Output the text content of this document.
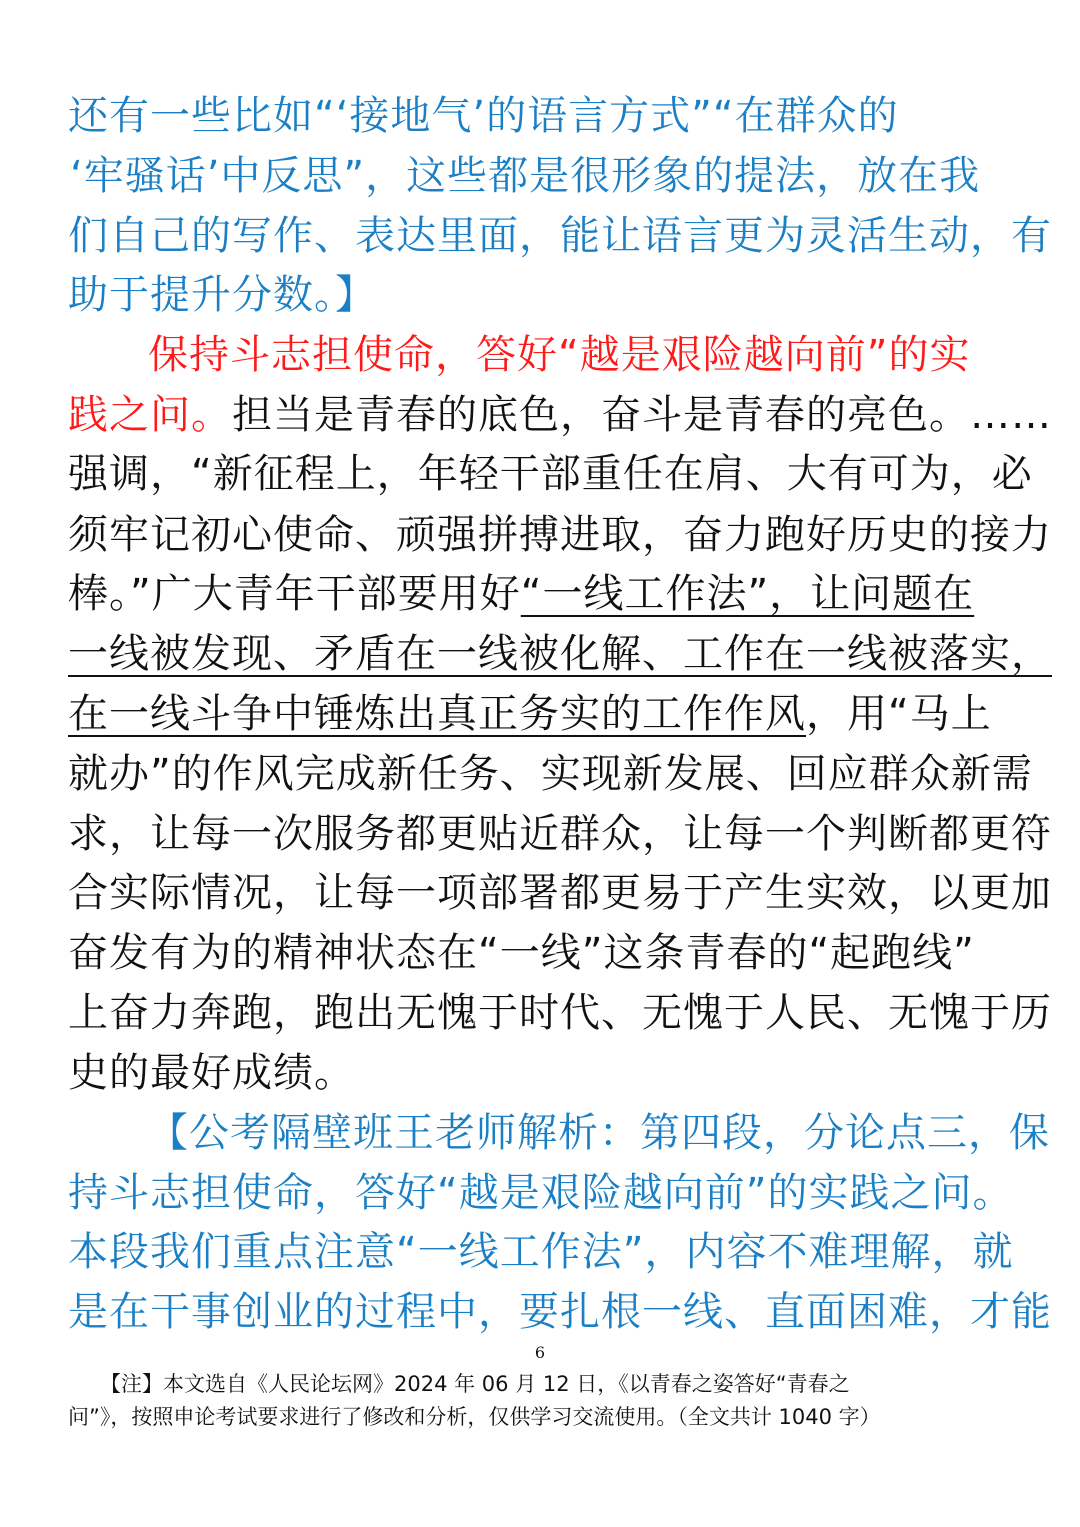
还有一些比如“‘接地气’的语言方式”“在群众的
‘牢骚话’中反思”，这些都是很形象的提法，放在我
们自己的写作、表达里面，能让语言更为灵活生动，有
助于提升分数。】
保持斗志担使命，答好“越是艰险越向前”的实
践之问。担当是青春的底色，奋斗是青春的亮色。……
强调，“新征程上，年轻干部重任在肩、大有可为，必
须牢记初心使命、顽强拼搏进取，奋力跑好历史的接力
棒。”广大青年干部要用好“一线工作法”，让问题在
一线被发现、矛盾在一线被化解、工作在一线被落实，
在一线斗争中锤炼出真正务实的工作作风，用“马上
就办”的作风完成新任务、实现新发展、回应群众新需
求，让每一次服务都更贴近群众，让每一个判断都更符
合实际情况，让每一项部署都更易于产生实效，以更加
奋发有为的精神状态在“一线”这条青春的“起跑线”
上奋力奔跑，跑出无愧于时代、无愧于人民、无愧于历
史的最好成绩。
【公考隔壁班王老师解析：第四段，分论点三，保
持斗志担使命，答好“越是艰险越向前”的实践之问。
本段我们重点注意“一线工作法”，内容不难理解，就
是在干事创业的过程中，要扎根一线、直面困难，才能
6
【注】本文选自《人民论坛网》2024 年 06 月 12 日，《以青春之姿答好“青春之
问”》，按照申论考试要求进行了修改和分析，仅供学习交流使用。（全文共计 1040 字）
